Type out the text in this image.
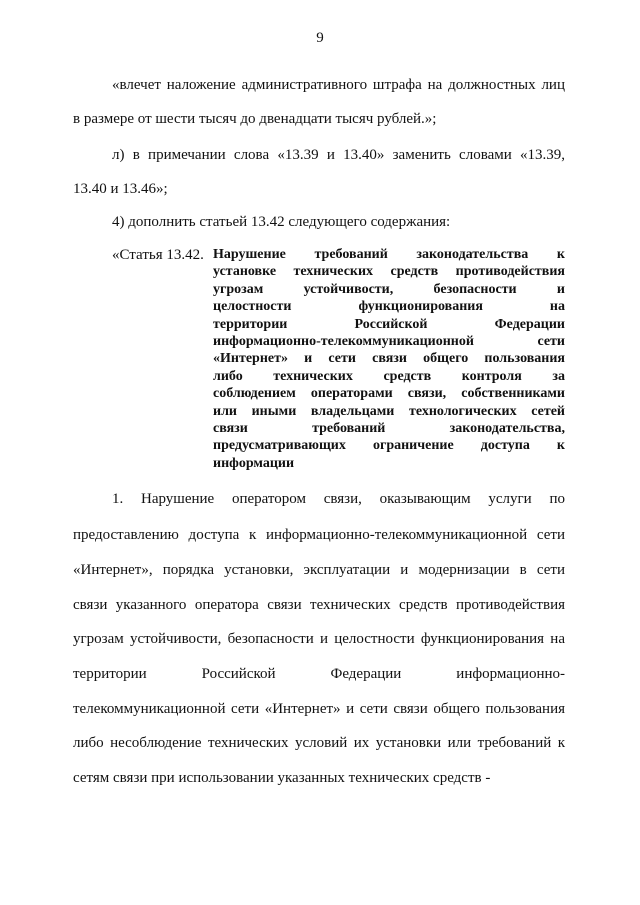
9
«влечет наложение административного штрафа на должностных лиц
в размере от шести тысяч до двенадцати тысяч рублей.»;
л) в примечании слова «13.39 и 13.40» заменить словами «13.39,
13.40 и 13.46»;
4) дополнить статьей 13.42 следующего содержания:
«Статья 13.42. Нарушение требований законодательства к
установке технических средств противодействия
угрозам устойчивости, безопасности и
целостности функционирования на
территории Российской Федерации
информационно-телекоммуникационной сети
«Интернет» и сети связи общего пользования
либо технических средств контроля за
соблюдением операторами связи, собственниками
или иными владельцами технологических сетей
связи требований законодательства,
предусматривающих ограничение доступа к
информации
1. Нарушение оператором связи, оказывающим услуги по
предоставлению доступа к информационно-телекоммуникационной сети
«Интернет», порядка установки, эксплуатации и модернизации в сети
связи указанного оператора связи технических средств противодействия
угрозам устойчивости, безопасности и целостности функционирования на
территории Российской Федерации информационно-
телекоммуникационной сети «Интернет» и сети связи общего пользования
либо несоблюдение технических условий их установки или требований к
сетям связи при использовании указанных технических средств -
